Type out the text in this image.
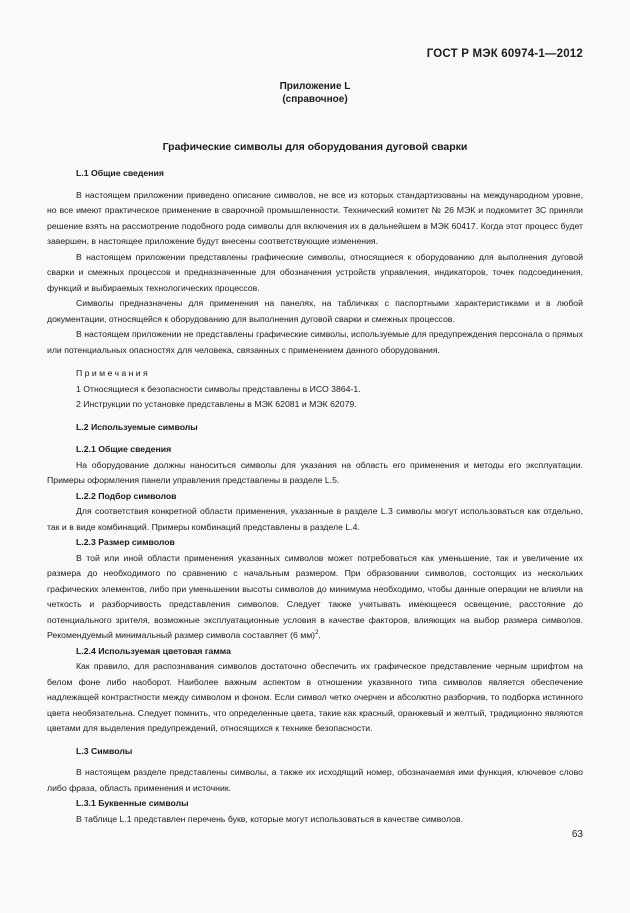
ГОСТ Р МЭК 60974-1—2012
Приложение L
(справочное)
Графические символы для оборудования дуговой сварки
L.1 Общие сведения

В настоящем приложении приведено описание символов, не все из которых стандартизованы на международном уровне, но все имеют практическое применение в сварочной промышленности. Технический комитет № 26 МЭК и подкомитет 3С приняли решение взять на рассмотрение подобного рода символы для включения их в дальнейшем в МЭК 60417. Когда этот процесс будет завершен, в настоящее приложение будут внесены соответствующие изменения.

В настоящем приложении представлены графические символы, относящиеся к оборудованию для выполнения дуговой сварки и смежных процессов и предназначенные для обозначения устройств управления, индикаторов, точек подсоединения, функций и выбираемых технологических процессов.

Символы предназначены для применения на панелях, на табличках с паспортными характеристиками и в любой документации, относящейся к оборудованию для выполнения дуговой сварки и смежных процессов.

В настоящем приложении не представлены графические символы, используемые для предупреждения персонала о прямых или потенциальных опасностях для человека, связанных с применением данного оборудования.

Примечания
1 Относящиеся к безопасности символы представлены в ИСО 3864-1.
2 Инструкции по установке представлены в МЭК 62081 и МЭК 62079.
L.2 Используемые символы
L.2.1 Общие сведения

На оборудование должны наноситься символы для указания на область его применения и методы его эксплуатации. Примеры оформления панели управления представлены в разделе L.5.

L.2.2 Подбор символов

Для соответствия конкретной области применения, указанные в разделе L.3 символы могут использоваться как отдельно, так и в виде комбинаций. Примеры комбинаций представлены в разделе L.4.

L.2.3 Размер символов

В той или иной области применения указанных символов может потребоваться как уменьшение, так и увеличение их размера до необходимого по сравнению с начальным размером. При образовании символов, состоящих из нескольких графических элементов, либо при уменьшении высоты символов до минимума необходимо, чтобы данные операции не влияли на четкость и разборчивость представления символов. Следует также учитывать имеющееся освещение, расстояние до потенциального зрителя, возможные эксплуатационные условия в качестве факторов, влияющих на выбор размера символов. Рекомендуемый минимальный размер символа составляет (6 мм)$^2$.

L.2.4 Используемая цветовая гамма

Как правило, для распознавания символов достаточно обеспечить их графическое представление черным шрифтом на белом фоне либо наоборот. Наиболее важным аспектом в отношении указанного типа символов является обеспечение надлежащей контрастности между символом и фоном. Если символ четко очерчен и абсолютно разборчив, то подборка истинного цвета необязательна. Следует помнить, что определенные цвета, такие как красный, оранжевый и желтый, традиционно являются цветами для выделения предупреждений, относящихся к технике безопасности.

L.3 Символы

В настоящем разделе представлены символы, а также их исходящий номер, обозначаемая ими функция, ключевое слово либо фраза, область применения и источник.

L.3.1 Буквенные символы

В таблице L.1 представлен перечень букв, которые могут использоваться в качестве символов.

63
